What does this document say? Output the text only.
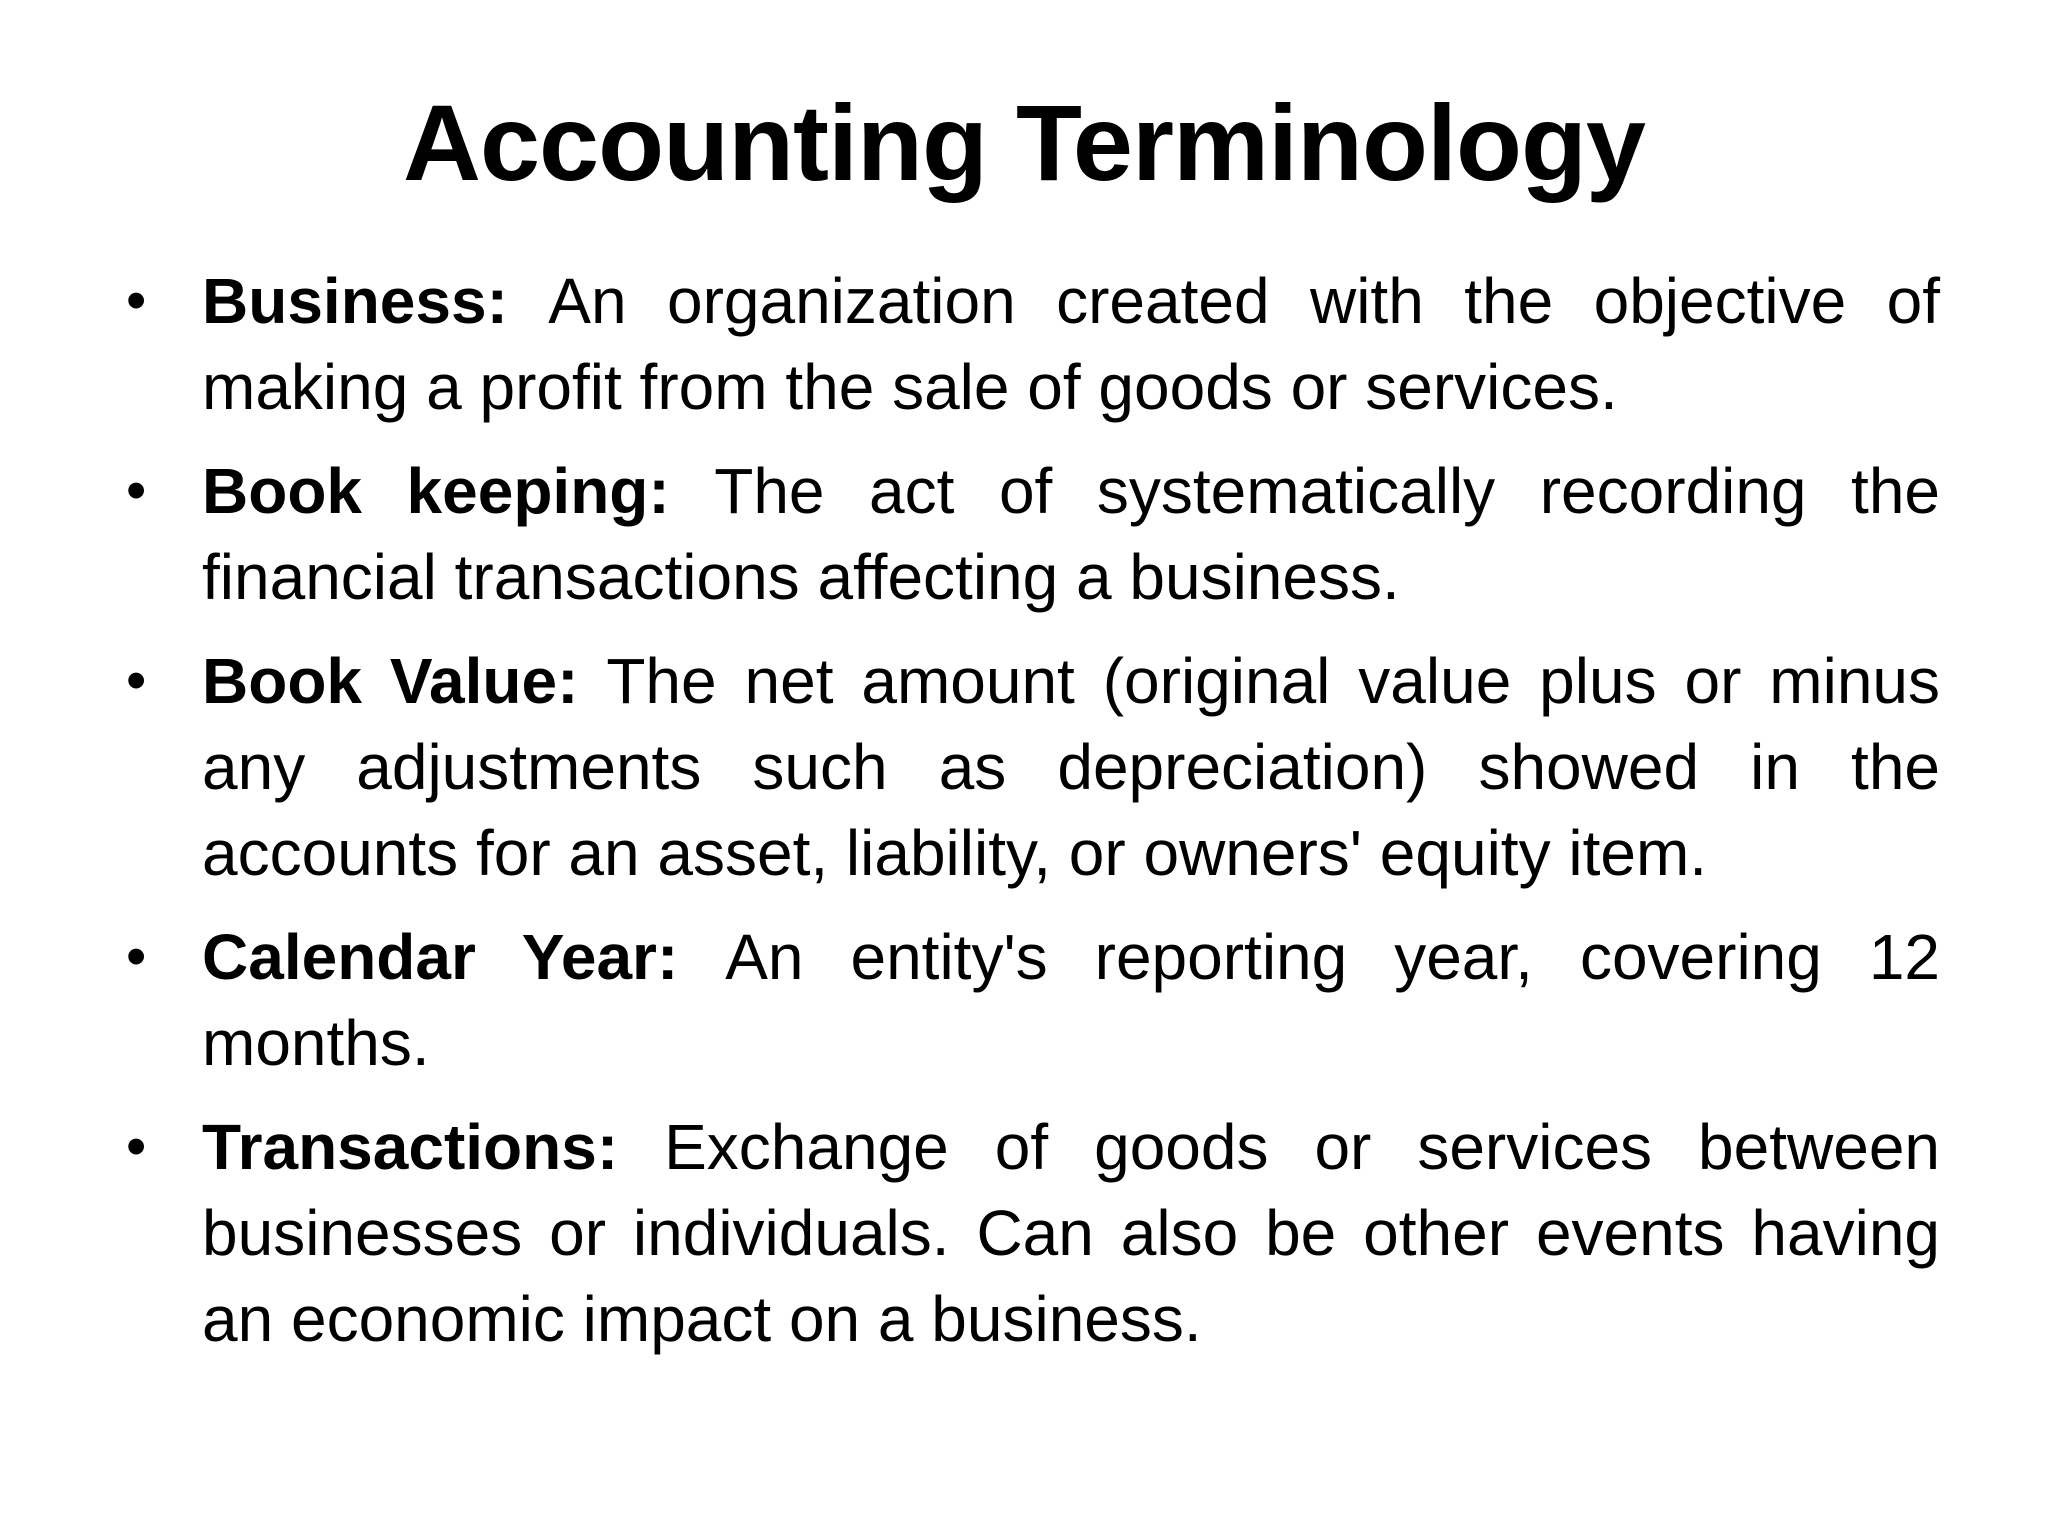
Accounting Terminology
• Business: An organization created with the objective of making a profit from the sale of goods or services.
• Book keeping: The act of systematically recording the financial transactions affecting a business.
• Book Value: The net amount (original value plus or minus any adjustments such as depreciation) showed in the accounts for an asset, liability, or owners' equity item.
• Calendar Year: An entity's reporting year, covering 12 months.
• Transactions: Exchange of goods or services between businesses or individuals. Can also be other events having an economic impact on a business.
